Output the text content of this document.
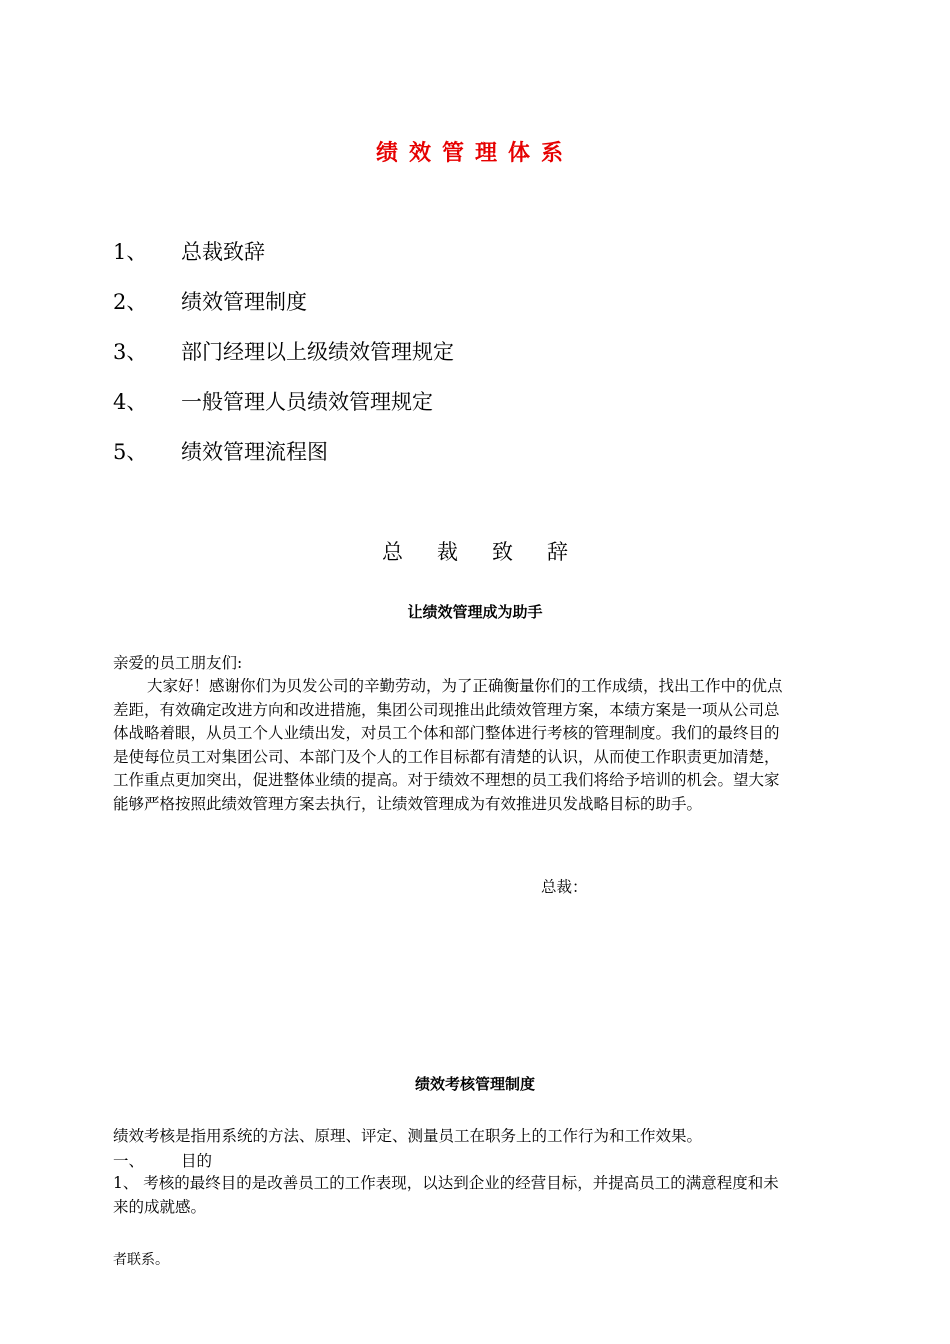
绩效管理体系
1、 总裁致辞
2、 绩效管理制度
3、 部门经理以上级绩效管理规定
4、 一般管理人员绩效管理规定
5、 绩效管理流程图
总裁致辞
让绩效管理成为助手
亲爱的员工朋友们:
大家好！感谢你们为贝发公司的辛勤劳动，为了正确衡量你们的工作成绩，找出工作中的优点
差距，有效确定改进方向和改进措施，集团公司现推出此绩效管理方案，本绩方案是一项从公司总
体战略着眼，从员工个人业绩出发，对员工个体和部门整体进行考核的管理制度。我们的最终目的
是使每位员工对集团公司、本部门及个人的工作目标都有清楚的认识，从而使工作职责更加清楚，
工作重点更加突出，促进整体业绩的提高。对于绩效不理想的员工我们将给予培训的机会。望大家
能够严格按照此绩效管理方案去执行，让绩效管理成为有效推进贝发战略目标的助手。
总裁：
绩效考核管理制度
绩效考核是指用系统的方法、原理、评定、测量员工在职务上的工作行为和工作效果。
一、 目的
1、 考核的最终目的是改善员工的工作表现，以达到企业的经营目标，并提高员工的满意程度和未
来的成就感。
者联系。
